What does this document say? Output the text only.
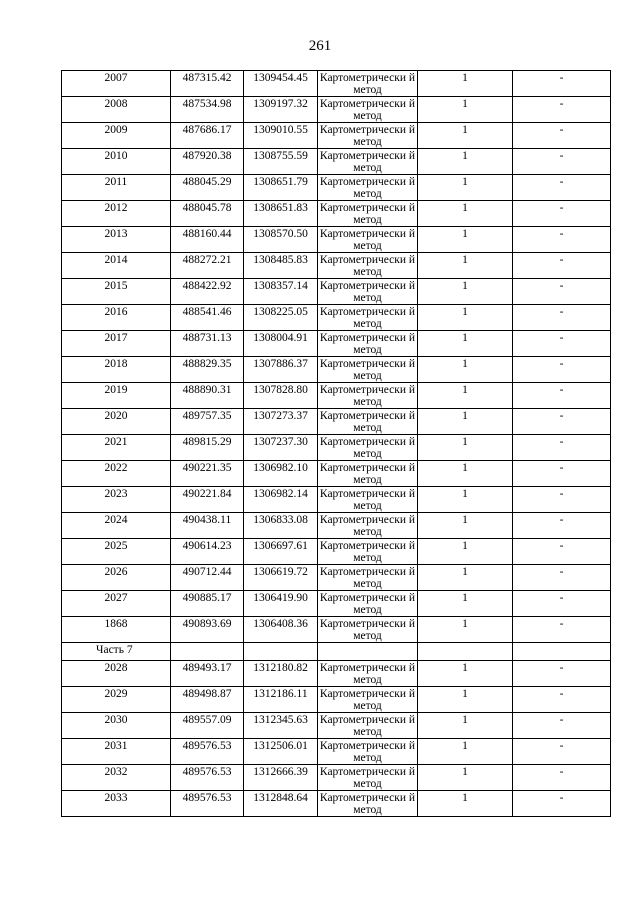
261
2007	487315.42	1309454.45	Картометрически й метод	1	-
2008	487534.98	1309197.32	Картометрически й метод	1	-
2009	487686.17	1309010.55	Картометрически й метод	1	-
2010	487920.38	1308755.59	Картометрически й метод	1	-
2011	488045.29	1308651.79	Картометрически й метод	1	-
2012	488045.78	1308651.83	Картометрически й метод	1	-
2013	488160.44	1308570.50	Картометрически й метод	1	-
2014	488272.21	1308485.83	Картометрически й метод	1	-
2015	488422.92	1308357.14	Картометрически й метод	1	-
2016	488541.46	1308225.05	Картометрически й метод	1	-
2017	488731.13	1308004.91	Картометрически й метод	1	-
2018	488829.35	1307886.37	Картометрически й метод	1	-
2019	488890.31	1307828.80	Картометрически й метод	1	-
2020	489757.35	1307273.37	Картометрически й метод	1	-
2021	489815.29	1307237.30	Картометрически й метод	1	-
2022	490221.35	1306982.10	Картометрически й метод	1	-
2023	490221.84	1306982.14	Картометрически й метод	1	-
2024	490438.11	1306833.08	Картометрически й метод	1	-
2025	490614.23	1306697.61	Картометрически й метод	1	-
2026	490712.44	1306619.72	Картометрически й метод	1	-
2027	490885.17	1306419.90	Картометрически й метод	1	-
1868	490893.69	1306408.36	Картометрически й метод	1	-
Часть 7					
2028	489493.17	1312180.82	Картометрически й метод	1	-
2029	489498.87	1312186.11	Картометрически й метод	1	-
2030	489557.09	1312345.63	Картометрически й метод	1	-
2031	489576.53	1312506.01	Картометрически й метод	1	-
2032	489576.53	1312666.39	Картометрически й метод	1	-
2033	489576.53	1312848.64	Картометрически й метод	1	-
